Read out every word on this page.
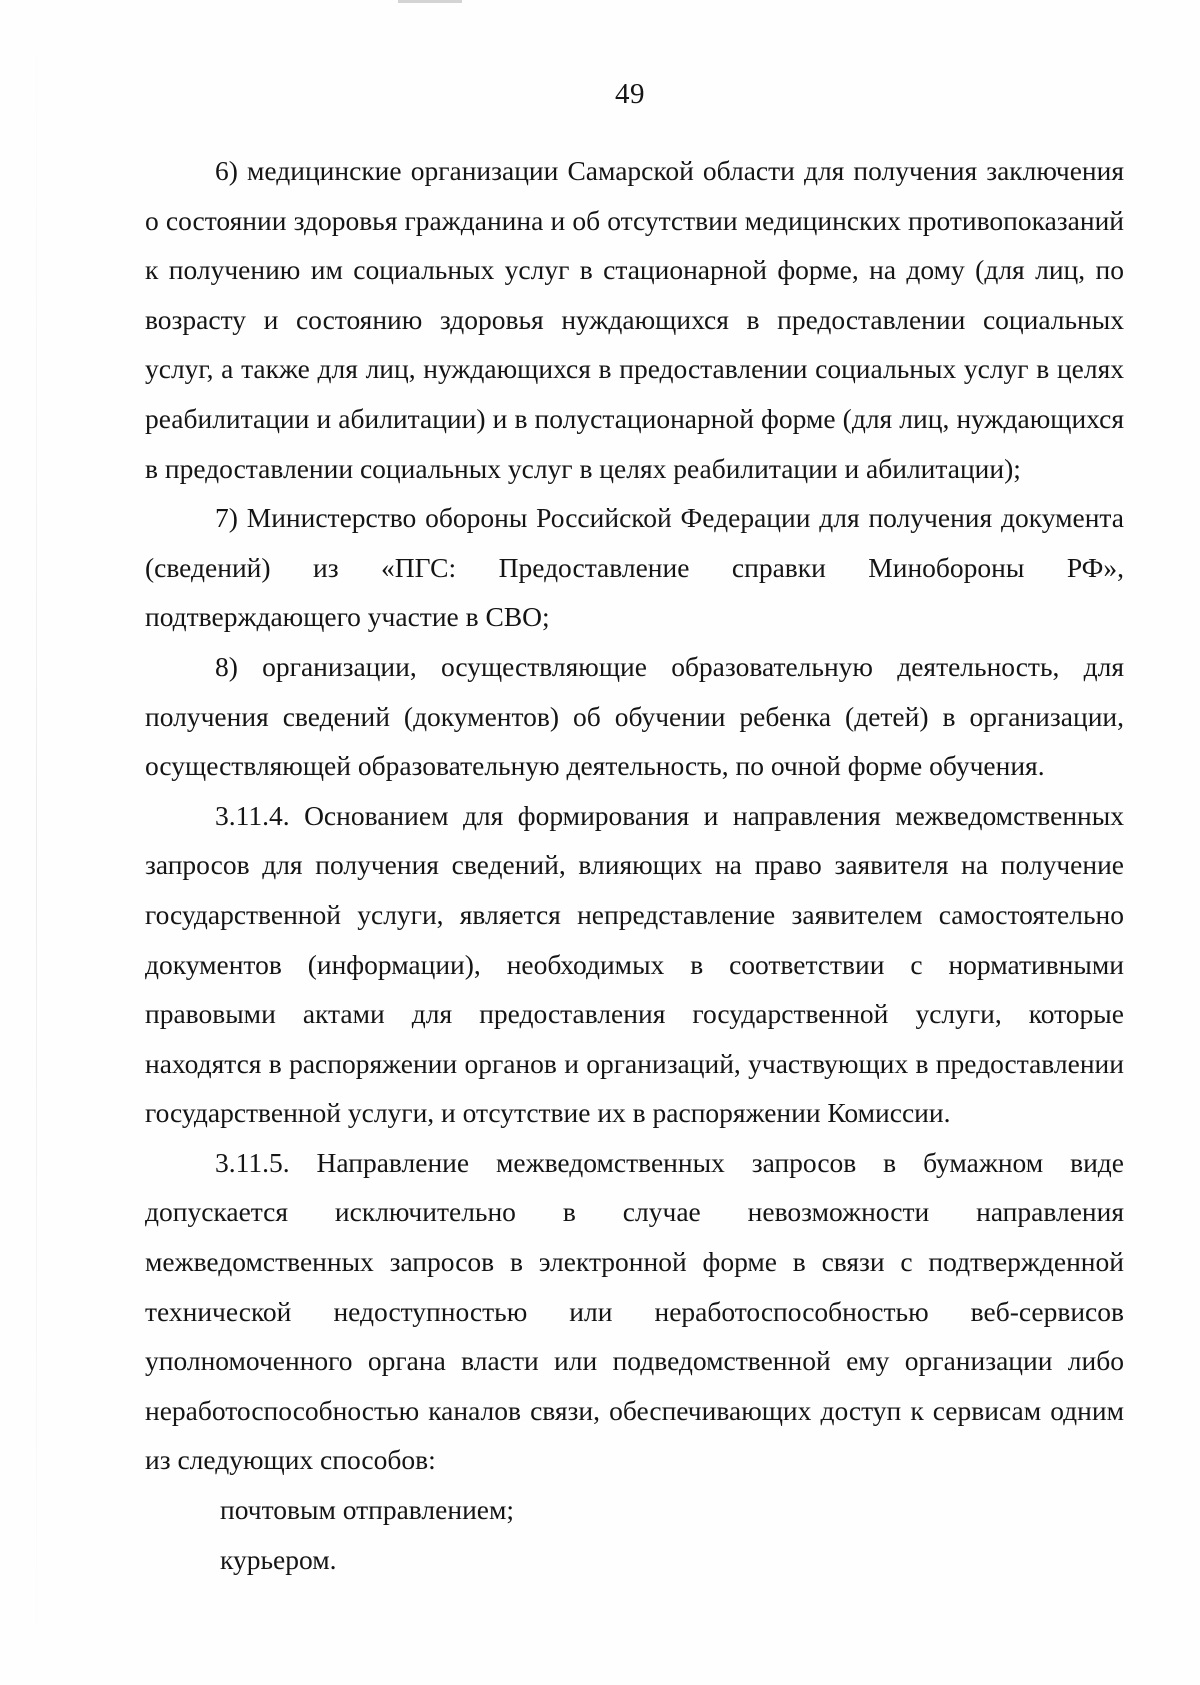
49

6) медицинские организации Самарской области для получения заключения о состоянии здоровья гражданина и об отсутствии медицинских противопоказаний к получению им социальных услуг в стационарной форме, на дому (для лиц, по возрасту и состоянию здоровья нуждающихся в предоставлении социальных услуг, а также для лиц, нуждающихся в предоставлении социальных услуг в целях реабилитации и абилитации) и в полустационарной форме (для лиц, нуждающихся в предоставлении социальных услуг в целях реабилитации и абилитации);

7) Министерство обороны Российской Федерации для получения документа (сведений) из «ПГС: Предоставление справки Минобороны РФ», подтверждающего участие в СВО;

8) организации, осуществляющие образовательную деятельность, для получения сведений (документов) об обучении ребенка (детей) в организации, осуществляющей образовательную деятельность, по очной форме обучения.

3.11.4. Основанием для формирования и направления межведомственных запросов для получения сведений, влияющих на право заявителя на получение государственной услуги, является непредставление заявителем самостоятельно документов (информации), необходимых в соответствии с нормативными правовыми актами для предоставления государственной услуги, которые находятся в распоряжении органов и организаций, участвующих в предоставлении государственной услуги, и отсутствие их в распоряжении Комиссии.

3.11.5. Направление межведомственных запросов в бумажном виде допускается исключительно в случае невозможности направления межведомственных запросов в электронной форме в связи с подтвержденной технической недоступностью или неработоспособностью веб-сервисов уполномоченного органа власти или подведомственной ему организации либо неработоспособностью каналов связи, обеспечивающих доступ к сервисам одним из следующих способов:

почтовым отправлением;

курьером.
